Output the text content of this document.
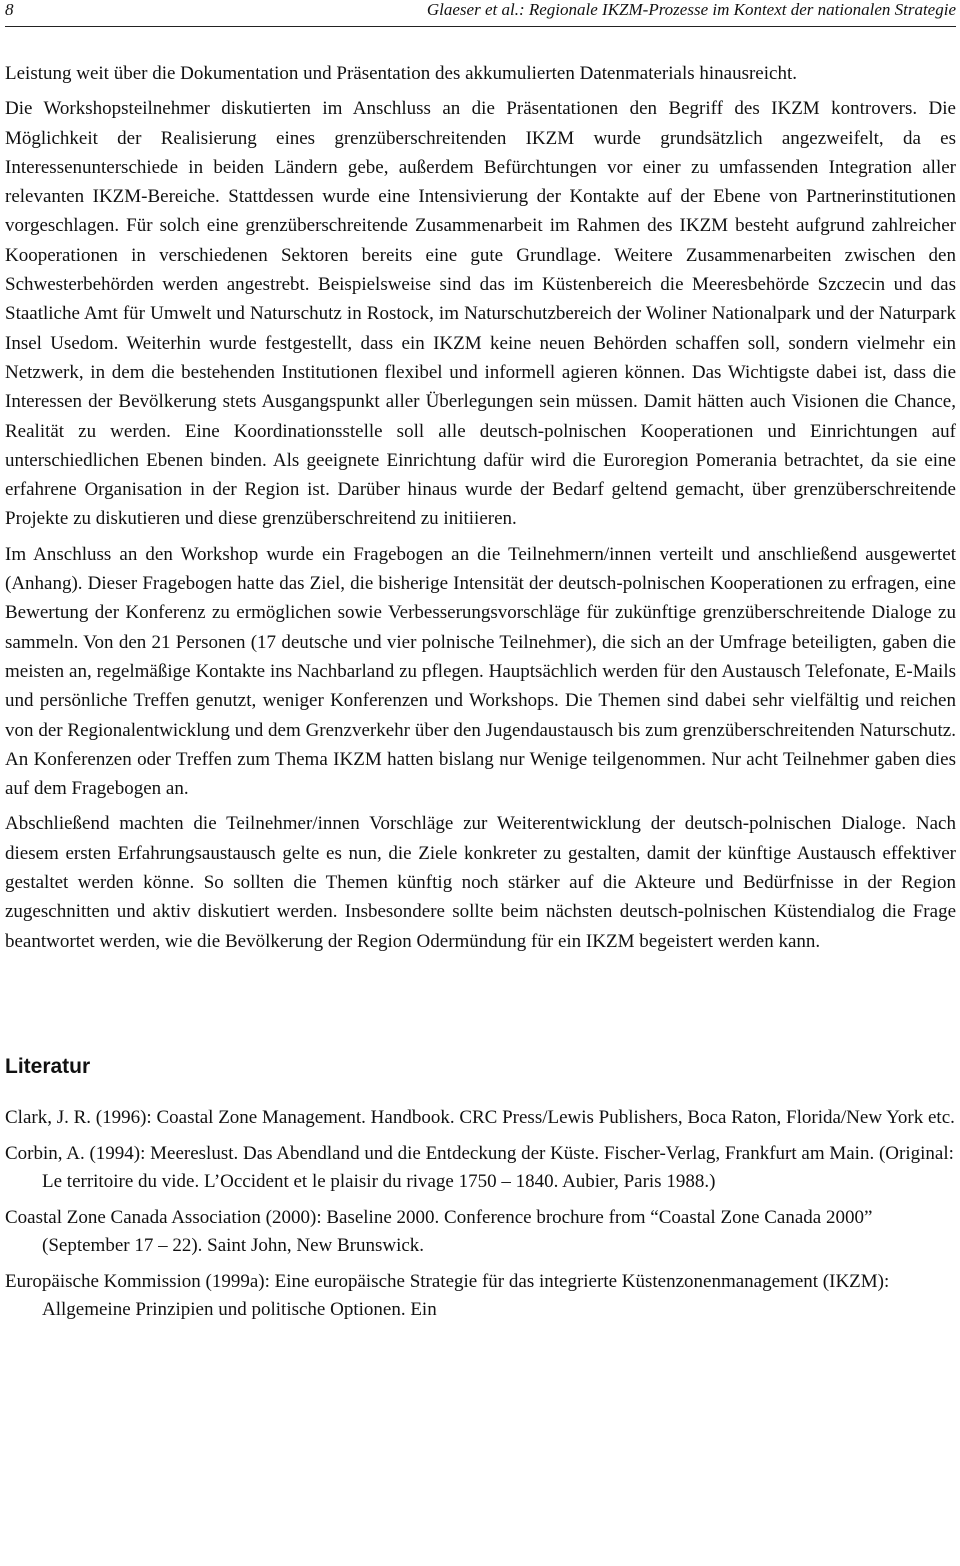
8	Glaeser et al.: Regionale IKZM-Prozesse im Kontext der nationalen Strategie

Leistung weit über die Dokumentation und Präsentation des akkumulierten Datenmaterials hinausreicht.

Die Workshopsteilnehmer diskutierten im Anschluss an die Präsentationen den Begriff des IKZM kontrovers. Die Möglichkeit der Realisierung eines grenzüberschreitenden IKZM wurde grundsätzlich angezweifelt, da es Interessenunterschiede in beiden Ländern gebe, außerdem Befürchtungen vor einer zu umfassenden Integration aller relevanten IKZM-Bereiche. Stattdessen wurde eine Intensivierung der Kontakte auf der Ebene von Partnerinstitutionen vorgeschlagen. Für solch eine grenzüberschreitende Zusammenarbeit im Rahmen des IKZM besteht aufgrund zahlreicher Kooperationen in verschiedenen Sektoren bereits eine gute Grundlage. Weitere Zusammenarbeiten zwischen den Schwesterbehörden werden angestrebt. Beispielsweise sind das im Küstenbereich die Meeresbehörde Szczecin und das Staatliche Amt für Umwelt und Naturschutz in Rostock, im Naturschutzbereich der Woliner Nationalpark und der Naturpark Insel Usedom. Weiterhin wurde festgestellt, dass ein IKZM keine neuen Behörden schaffen soll, sondern vielmehr ein Netzwerk, in dem die bestehenden Institutionen flexibel und informell agieren können. Das Wichtigste dabei ist, dass die Interessen der Bevölkerung stets Ausgangspunkt aller Überlegungen sein müssen. Damit hätten auch Visionen die Chance, Realität zu werden. Eine Koordinationsstelle soll alle deutsch-polnischen Kooperationen und Einrichtungen auf unterschiedlichen Ebenen binden. Als geeignete Einrichtung dafür wird die Euroregion Pomerania betrachtet, da sie eine erfahrene Organisation in der Region ist. Darüber hinaus wurde der Bedarf geltend gemacht, über grenzüberschreitende Projekte zu diskutieren und diese grenzüberschreitend zu initiieren.

Im Anschluss an den Workshop wurde ein Fragebogen an die Teilnehmern/innen verteilt und anschließend ausgewertet (Anhang). Dieser Fragebogen hatte das Ziel, die bisherige Intensität der deutsch-polnischen Kooperationen zu erfragen, eine Bewertung der Konferenz zu ermöglichen sowie Verbesserungsvorschläge für zukünftige grenzüberschreitende Dialoge zu sammeln. Von den 21 Personen (17 deutsche und vier polnische Teilnehmer), die sich an der Umfrage beteiligten, gaben die meisten an, regelmäßige Kontakte ins Nachbarland zu pflegen. Hauptsächlich werden für den Austausch Telefonate, E-Mails und persönliche Treffen genutzt, weniger Konferenzen und Workshops. Die Themen sind dabei sehr vielfältig und reichen von der Regionalentwicklung und dem Grenzverkehr über den Jugendaustausch bis zum grenzüberschreitenden Naturschutz. An Konferenzen oder Treffen zum Thema IKZM hatten bislang nur Wenige teilgenommen. Nur acht Teilnehmer gaben dies auf dem Fragebogen an.

Abschließend machten die Teilnehmer/innen Vorschläge zur Weiterentwicklung der deutsch-polnischen Dialoge. Nach diesem ersten Erfahrungsaustausch gelte es nun, die Ziele konkreter zu gestalten, damit der künftige Austausch effektiver gestaltet werden könne. So sollten die Themen künftig noch stärker auf die Akteure und Bedürfnisse in der Region zugeschnitten und aktiv diskutiert werden. Insbesondere sollte beim nächsten deutsch-polnischen Küstendialog die Frage beantwortet werden, wie die Bevölkerung der Region Odermündung für ein IKZM begeistert werden kann.

Literatur

Clark, J. R. (1996): Coastal Zone Management. Handbook. CRC Press/Lewis Publishers, Boca Raton, Florida/New York etc.

Corbin, A. (1994): Meereslust. Das Abendland und die Entdeckung der Küste. Fischer-Verlag, Frankfurt am Main. (Original: Le territoire du vide. L’Occident et le plaisir du rivage 1750 – 1840. Aubier, Paris 1988.)

Coastal Zone Canada Association (2000): Baseline 2000. Conference brochure from “Coastal Zone Canada 2000” (September 17 – 22). Saint John, New Brunswick.

Europäische Kommission (1999a): Eine europäische Strategie für das integrierte Küstenzonenmanagement (IKZM): Allgemeine Prinzipien und politische Optionen. Ein
